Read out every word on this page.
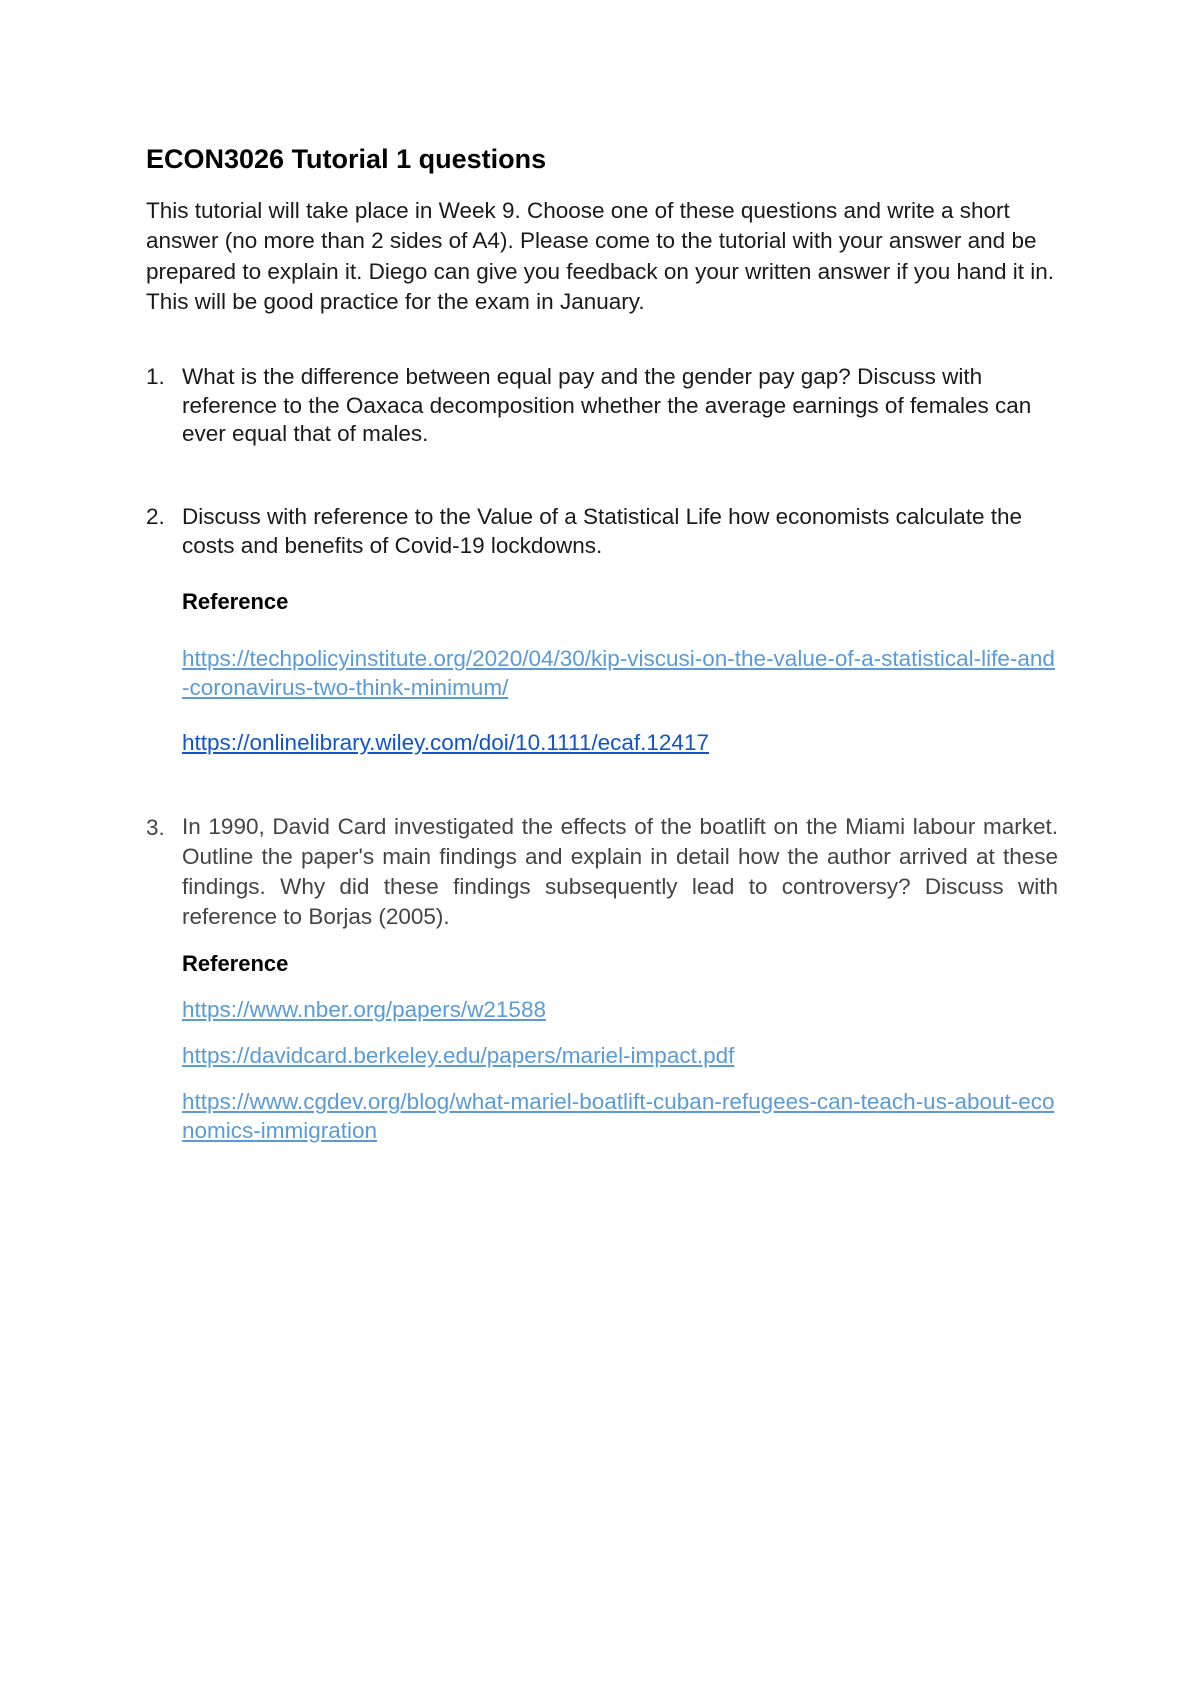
ECON3026 Tutorial 1 questions

This tutorial will take place in Week 9. Choose one of these questions and write a short answer (no more than 2 sides of A4). Please come to the tutorial with your answer and be prepared to explain it. Diego can give you feedback on your written answer if you hand it in. This will be good practice for the exam in January.

1. What is the difference between equal pay and the gender pay gap? Discuss with reference to the Oaxaca decomposition whether the average earnings of females can ever equal that of males.

2. Discuss with reference to the Value of a Statistical Life how economists calculate the costs and benefits of Covid-19 lockdowns.

Reference
https://techpolicyinstitute.org/2020/04/30/kip-viscusi-on-the-value-of-a-statistical-life-and-coronavirus-two-think-minimum/
https://onlinelibrary.wiley.com/doi/10.1111/ecaf.12417
3. In 1990, David Card investigated the effects of the boatlift on the Miami labour market. Outline the paper's main findings and explain in detail how the author arrived at these findings. Why did these findings subsequently lead to controversy? Discuss with reference to Borjas (2005).

Reference
https://www.nber.org/papers/w21588
https://davidcard.berkeley.edu/papers/mariel-impact.pdf
https://www.cgdev.org/blog/what-mariel-boatlift-cuban-refugees-can-teach-us-about-economics-immigration
